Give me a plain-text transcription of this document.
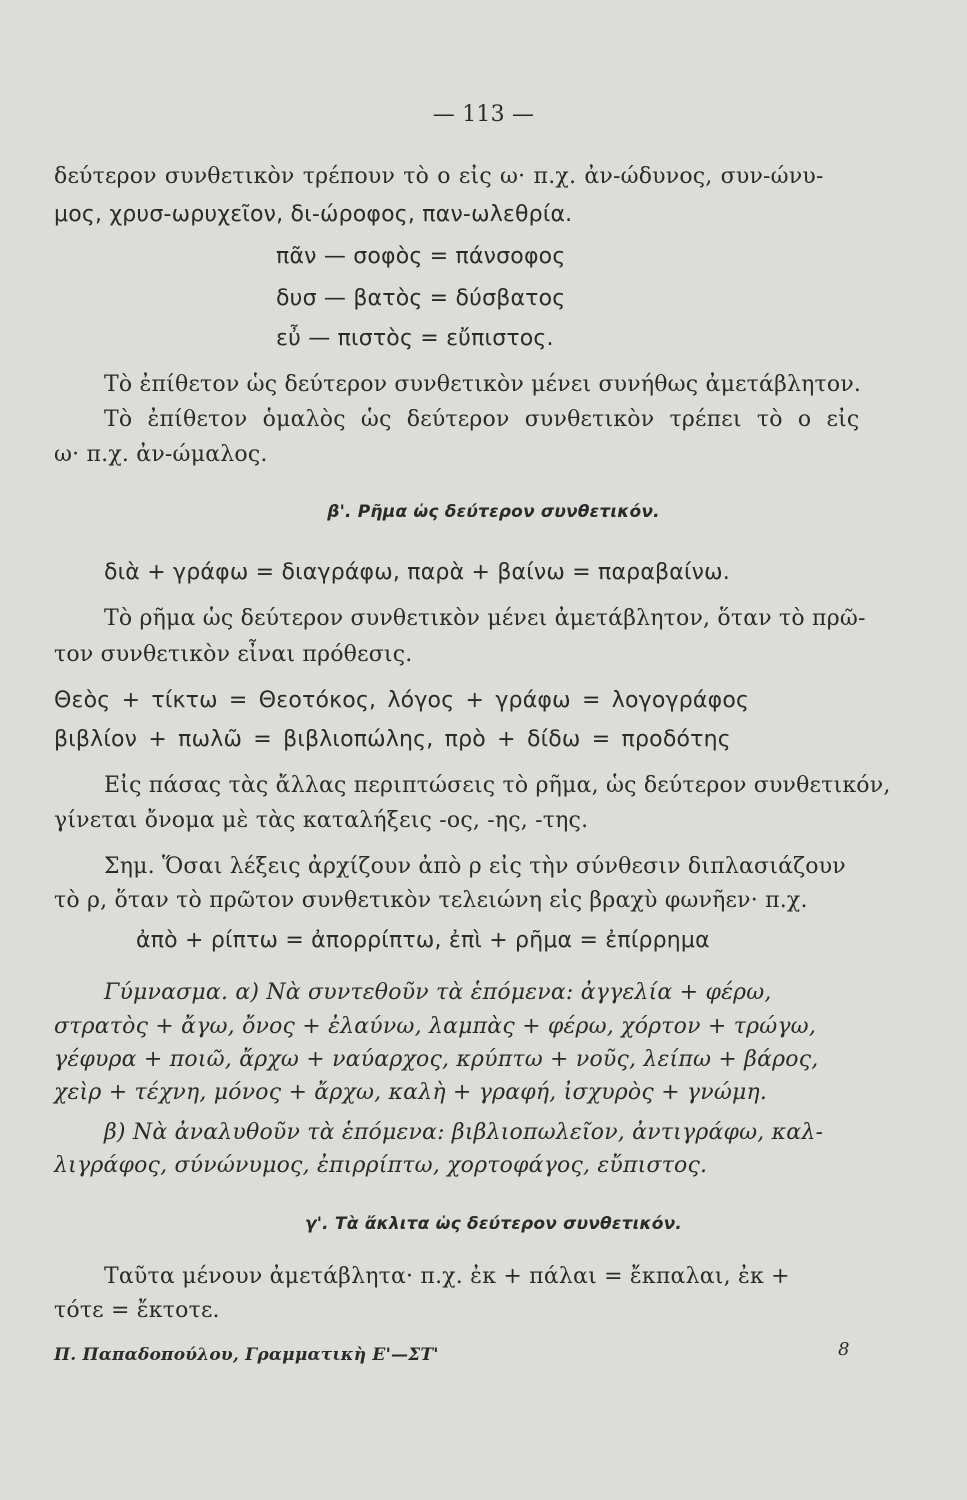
— 113 —
δεύτερον συνθετικὸν τρέπουν τὸ ο εἰς ω· π.χ. ἀν-ώδυνος, συν-ώνυ-
μος, χρυσ-ωρυχεῖον, δι-ώροφος, παν-ωλεθρία.
πᾶν — σοφὸς = πάνσοφος
δυσ — βατὸς = δύσβατος
εὖ — πιστὸς = εὔπιστος.
Τὸ ἐπίθετον ὡς δεύτερον συνθετικὸν μένει συνήθως ἀμετάβλητον.
Τὸ ἐπίθετον ὁμαλὸς ὡς δεύτερον συνθετικὸν τρέπει τὸ ο εἰς
ω· π.χ. ἀν-ώμαλος.
β'. Ρῆμα ὡς δεύτερον συνθετικόν.
διὰ + γράφω = διαγράφω, παρὰ + βαίνω = παραβαίνω.
Τὸ ρῆμα ὡς δεύτερον συνθετικὸν μένει ἀμετάβλητον, ὅταν τὸ πρῶ-
τον συνθετικὸν εἶναι πρόθεσις.
Θεὸς + τίκτω = Θεοτόκος, λόγος + γράφω = λογογράφος
βιβλίον + πωλῶ = βιβλιοπώλης, πρὸ + δίδω = προδότης
Εἰς πάσας τὰς ἄλλας περιπτώσεις τὸ ρῆμα, ὡς δεύτερον συνθετικόν,
γίνεται ὄνομα μὲ τὰς καταλήξεις -ος, -ης, -της.
Σημ. Ὅσαι λέξεις ἀρχίζουν ἀπὸ ρ εἰς τὴν σύνθεσιν διπλασιάζουν
τὸ ρ, ὅταν τὸ πρῶτον συνθετικὸν τελειώνη εἰς βραχὺ φωνῆεν· π.χ.
ἀπὸ + ρίπτω = ἀπορρίπτω, ἐπὶ + ρῆμα = ἐπίρρημα
Γύμνασμα. α) Νὰ συντεθοῦν τὰ ἑπόμενα: ἀγγελία + φέρω,
στρατὸς + ἄγω, ὄνος + ἐλαύνω, λαμπὰς + φέρω, χόρτον + τρώγω,
γέφυρα + ποιῶ, ἄρχω + ναύαρχος, κρύπτω + νοῦς, λείπω + βάρος,
χεὶρ + τέχνη, μόνος + ἄρχω, καλὴ + γραφή, ἰσχυρὸς + γνώμη.
β) Νὰ ἀναλυθοῦν τὰ ἑπόμενα: βιβλιοπωλεῖον, ἀντιγράφω, καλ-
λιγράφος, σύνώνυμος, ἐπιρρίπτω, χορτοφάγος, εὔπιστος.
γ'. Τὰ ἄκλιτα ὡς δεύτερον συνθετικόν.
Ταῦτα μένουν ἀμετάβλητα· π.χ. ἐκ + πάλαι = ἔκπαλαι, ἐκ +
τότε = ἔκτοτε.
Π. Παπαδοπούλου, Γραμματικὴ Ε'—ΣΤ'	8
